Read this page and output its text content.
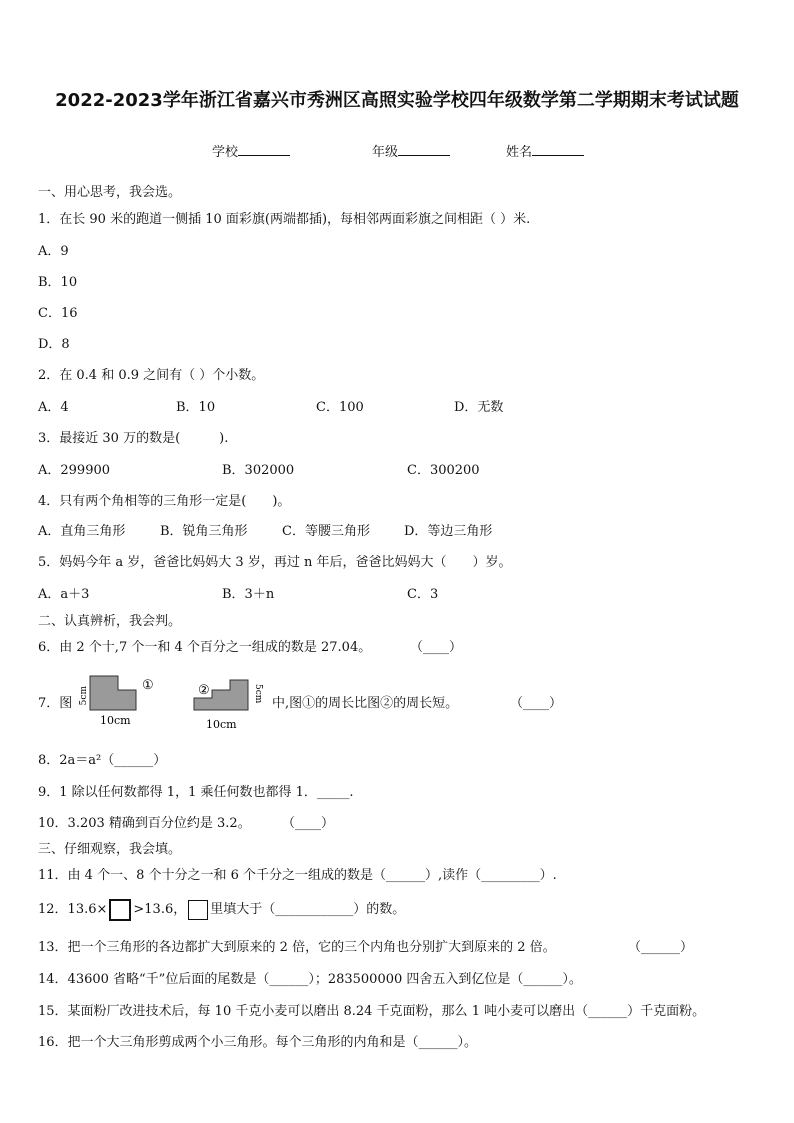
2022-2023学年浙江省嘉兴市秀洲区高照实验学校四年级数学第二学期期末考试试题
学校	年级	姓名
一、用心思考，我会选。
1．在长 90 米的跑道一侧插 10 面彩旗(两端都插)，每相邻两面彩旗之间相距（ ）米.
A．9
B．10
C．16
D．8
2．在 0.4 和 0.9 之间有（ ）个小数。
A．4	B．10	C．100	D．无数
3．最接近 30 万的数是(　　　).
A．299900	B．302000	C．300200
4．只有两个角相等的三角形一定是(　　)。
A．直角三角形	B．锐角三角形	C．等腰三角形	D．等边三角形
5．妈妈今年 a 岁，爸爸比妈妈大 3 岁，再过 n 年后，爸爸比妈妈大（　　）岁。
A．a＋3	B．3＋n	C．3
二、认真辨析，我会判。
6．由 2 个十,7 个一和 4 个百分之一组成的数是 27.04。	（____）
7．图 5cm
①
10cm
②	5cm
10cm
中,图①的周长比图②的周长短。	（____）
8．2a＝a²（______）
9．1 除以任何数都得 1，1 乘任何数也都得 1．_____.
10．3.203 精确到百分位约是 3.2。 （____）
三、仔细观察，我会填。
11．由 4 个一、8 个十分之一和 6 个千分之一组成的数是（______）,读作（_________）.
12．13.6× >13.6， 里填大于（____________）的数。
13．把一个三角形的各边都扩大到原来的 2 倍，它的三个内角也分别扩大到原来的 2 倍。	（______）
14．43600 省略“千”位后面的尾数是（______）；283500000 四舍五入到亿位是（______）。
15．某面粉厂改进技术后，每 10 千克小麦可以磨出 8.24 千克面粉，那么 1 吨小麦可以磨出（______）千克面粉。
16．把一个大三角形剪成两个小三角形。每个三角形的内角和是（______）。
